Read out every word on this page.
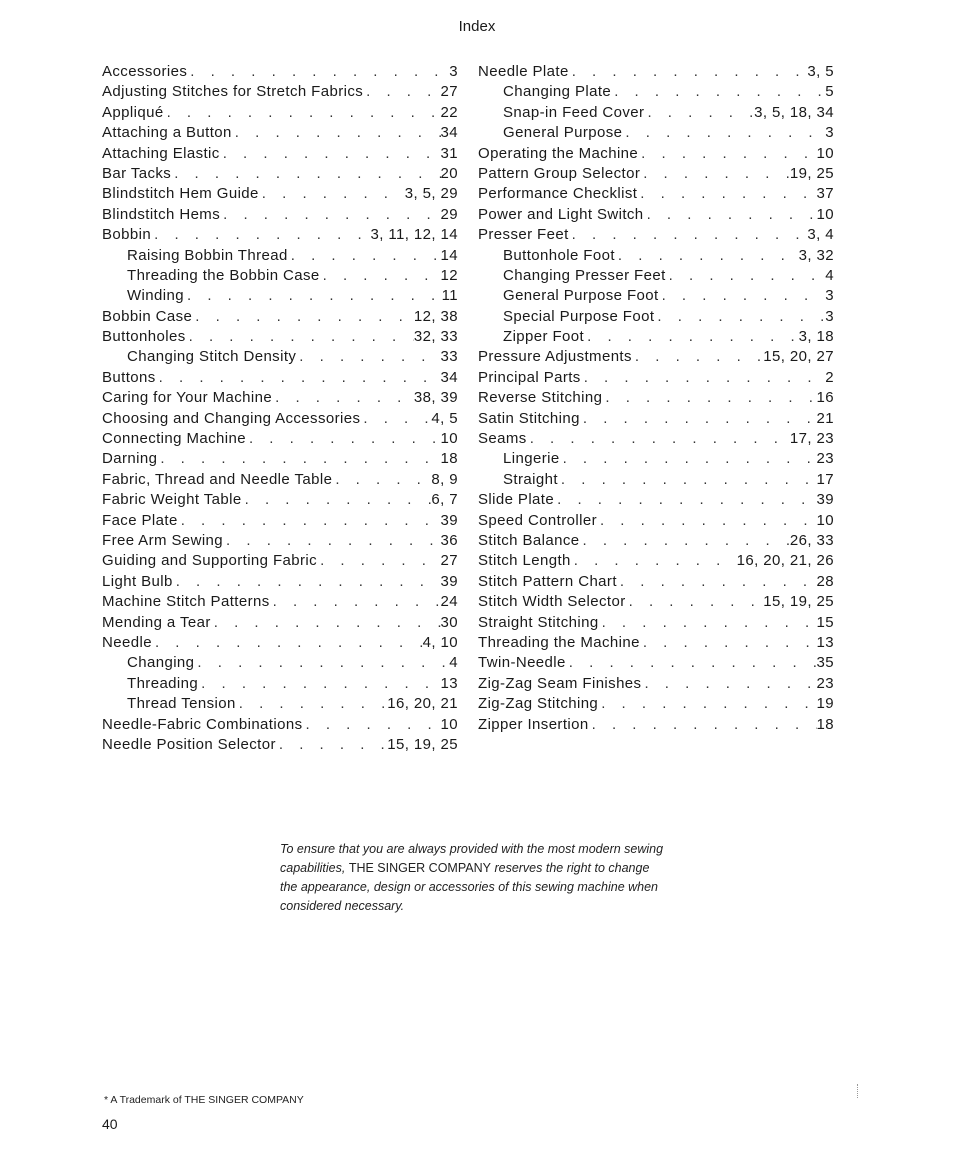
Index
Accessories . . .	3
Adjusting Stitches for Stretch Fabrics . . .	27
Appliqué . . .	22
Attaching a Button . . .	34
Attaching Elastic . . .	31
Bar Tacks . . .	20
Blindstitch Hem Guide . . .	3, 5, 29
Blindstitch Hems . . .	29
Bobbin . . .	3, 11, 12, 14
Raising Bobbin Thread . . .	14
Threading the Bobbin Case . . .	12
Winding . . .	11
Bobbin Case . . .	12, 38
Buttonholes . . .	32, 33
Changing Stitch Density . . .	33
Buttons . . .	34
Caring for Your Machine . . .	38, 39
Choosing and Changing Accessories . . .	4, 5
Connecting Machine . . .	10
Darning . . .	18
Fabric, Thread and Needle Table . . .	8, 9
Fabric Weight Table . . .	6, 7
Face Plate . . .	39
Free Arm Sewing . . .	36
Guiding and Supporting Fabric . . .	27
Light Bulb . . .	39
Machine Stitch Patterns . . .	24
Mending a Tear . . .	30
Needle . . .	4, 10
Changing . . .	4
Threading . . .	13
Thread Tension . . .	16, 20, 21
Needle-Fabric Combinations . . .	10
Needle Position Selector . . .	15, 19, 25
Needle Plate . . .	3, 5
Changing Plate . . .	5
Snap-in Feed Cover . . .	3, 5, 18, 34
General Purpose . . .	3
Operating the Machine . . .	10
Pattern Group Selector . . .	19, 25
Performance Checklist . . .	37
Power and Light Switch . . .	10
Presser Feet . . .	3, 4
Buttonhole Foot . . .	3, 32
Changing Presser Feet . . .	4
General Purpose Foot . . .	3
Special Purpose Foot . . .	3
Zipper Foot . . .	3, 18
Pressure Adjustments . . .	15, 20, 27
Principal Parts . . .	2
Reverse Stitching . . .	16
Satin Stitching . . .	21
Seams . . .	17, 23
Lingerie . . .	23
Straight . . .	17
Slide Plate . . .	39
Speed Controller . . .	10
Stitch Balance . . .	26, 33
Stitch Length . . .	16, 20, 21, 26
Stitch Pattern Chart . . .	28
Stitch Width Selector . . .	15, 19, 25
Straight Stitching . . .	15
Threading the Machine . . .	13
Twin-Needle . . .	35
Zig-Zag Seam Finishes . . .	23
Zig-Zag Stitching . . .	19
Zipper Insertion . . .	18
To ensure that you are always provided with the most modern sewing capabilities, THE SINGER COMPANY reserves the right to change the appearance, design or accessories of this sewing machine when considered necessary.
* A Trademark of THE SINGER COMPANY
40
